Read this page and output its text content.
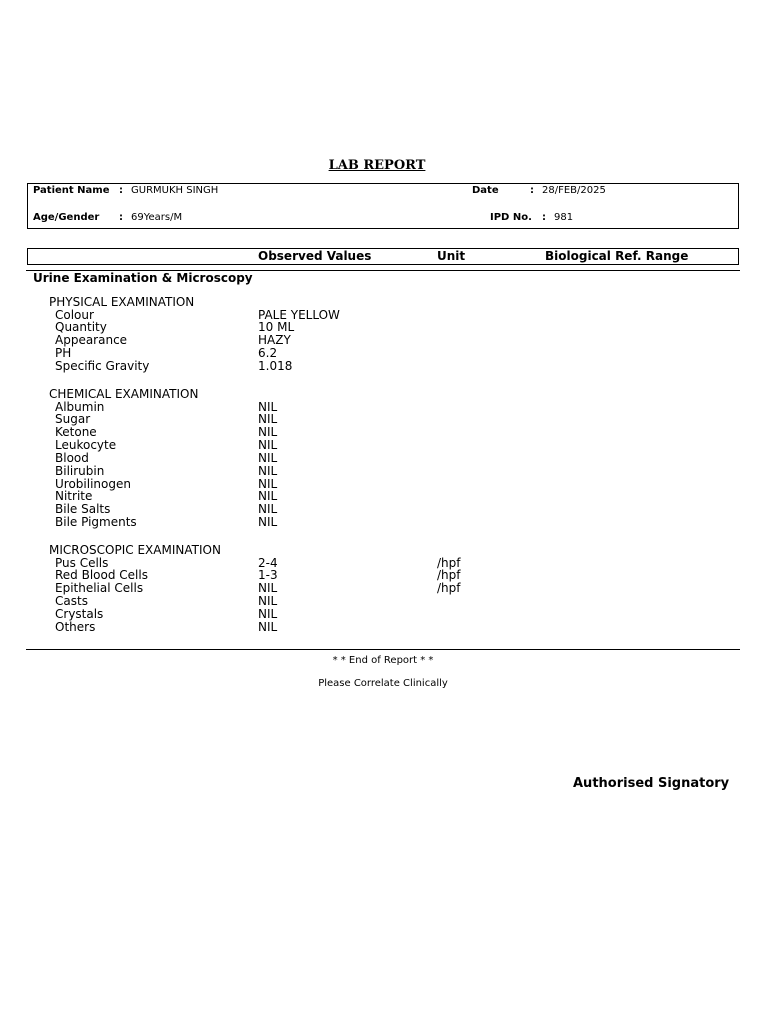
LAB REPORT
Patient Name : GURMUKH SINGH	Date	: 28/FEB/2025
Age/Gender : 69Years/M	IPD No. : 981
Observed Values	Unit	Biological Ref. Range
Urine Examination & Microscopy
PHYSICAL EXAMINATION
Colour	PALE YELLOW
Quantity	10 ML
Appearance	HAZY
PH	6.2
Specific Gravity	1.018
CHEMICAL EXAMINATION
Albumin	NIL
Sugar	NIL
Ketone	NIL
Leukocyte	NIL
Blood	NIL
Bilirubin	NIL
Urobilinogen	NIL
Nitrite	NIL
Bile Salts	NIL
Bile Pigments	NIL
MICROSCOPIC EXAMINATION
Pus Cells	2-4	/hpf
Red Blood Cells	1-3	/hpf
Epithelial Cells	NIL	/hpf
Casts	NIL
Crystals	NIL
Others	NIL
* * End of Report * *
Please Correlate Clinically
Authorised Signatory
